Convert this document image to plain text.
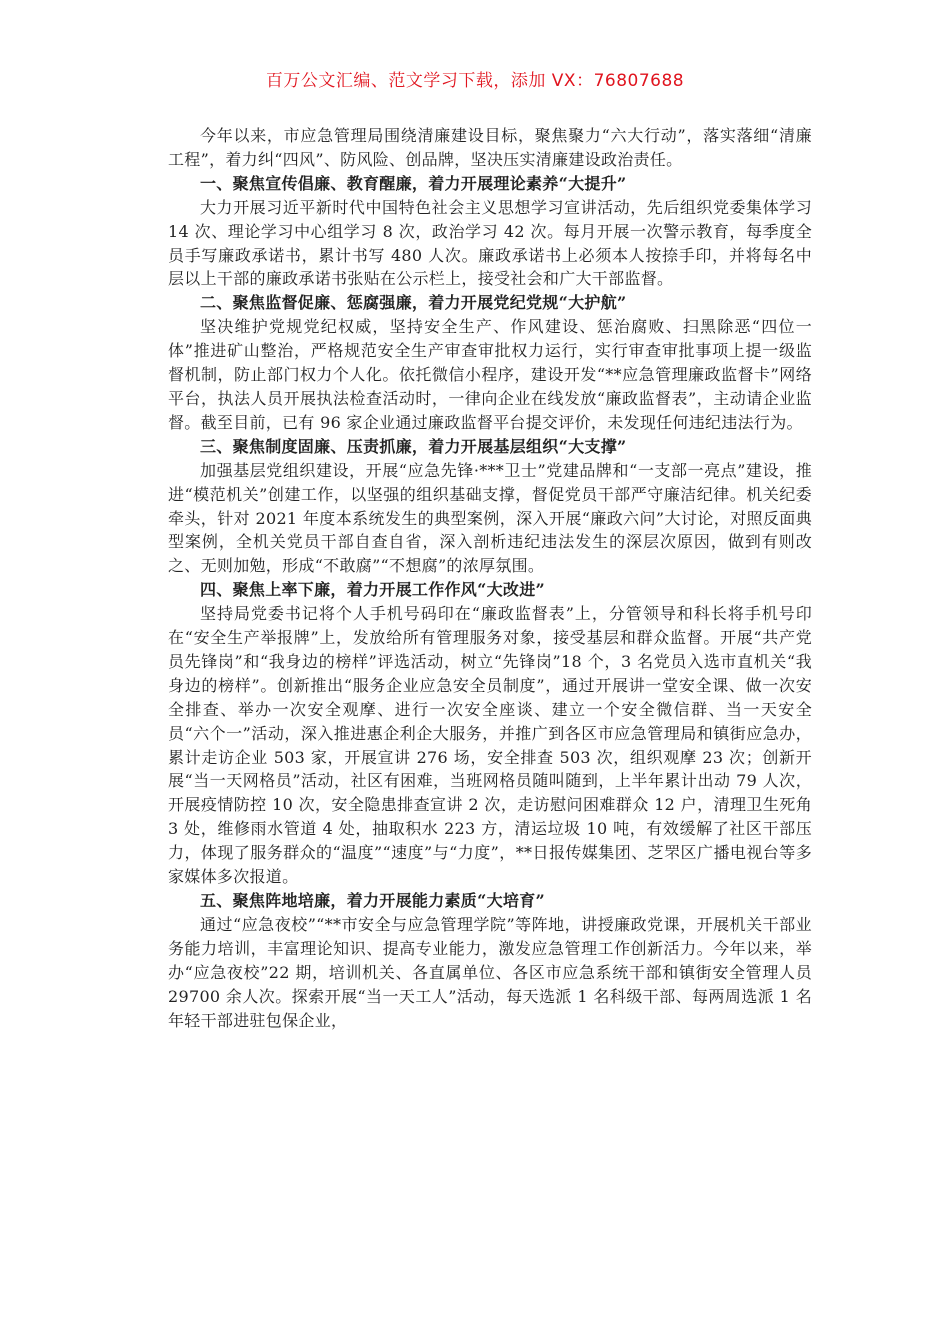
百万公文汇编、范文学习下载，添加 VX：76807688

今年以来，市应急管理局围绕清廉建设目标，聚焦聚力“六大行动”，落实落细“清廉工程”，着力纠“四风”、防风险、创品牌，坚决压实清廉建设政治责任。

一、聚焦宣传倡廉、教育醒廉，着力开展理论素养“大提升”

大力开展习近平新时代中国特色社会主义思想学习宣讲活动，先后组织党委集体学习 14 次、理论学习中心组学习 8 次，政治学习 42 次。每月开展一次警示教育，每季度全员手写廉政承诺书，累计书写 480 人次。廉政承诺书上必须本人按捺手印，并将每名中层以上干部的廉政承诺书张贴在公示栏上，接受社会和广大干部监督。

二、聚焦监督促廉、惩腐强廉，着力开展党纪党规“大护航”

坚决维护党规党纪权威，坚持安全生产、作风建设、惩治腐败、扫黑除恶“四位一体”推进矿山整治，严格规范安全生产审查审批权力运行，实行审查审批事项上提一级监督机制，防止部门权力个人化。依托微信小程序，建设开发“**应急管理廉政监督卡”网络平台，执法人员开展执法检查活动时，一律向企业在线发放“廉政监督表”，主动请企业监督。截至目前，已有 96 家企业通过廉政监督平台提交评价，未发现任何违纪违法行为。

三、聚焦制度固廉、压责抓廉，着力开展基层组织“大支撑”

加强基层党组织建设，开展“应急先锋·***卫士”党建品牌和“一支部一亮点”建设，推进“模范机关”创建工作，以坚强的组织基础支撑，督促党员干部严守廉洁纪律。机关纪委牵头，针对 2021 年度本系统发生的典型案例，深入开展“廉政六问”大讨论，对照反面典型案例，全机关党员干部自查自省，深入剖析违纪违法发生的深层次原因，做到有则改之、无则加勉，形成“不敢腐”“不想腐”的浓厚氛围。

四、聚焦上率下廉，着力开展工作作风“大改进”

坚持局党委书记将个人手机号码印在“廉政监督表”上，分管领导和科长将手机号印在“安全生产举报牌”上，发放给所有管理服务对象，接受基层和群众监督。开展“共产党员先锋岗”和“我身边的榜样”评选活动，树立“先锋岗”18 个，3 名党员入选市直机关“我身边的榜样”。创新推出“服务企业应急安全员制度”，通过开展讲一堂安全课、做一次安全排查、举办一次安全观摩、进行一次安全座谈、建立一个安全微信群、当一天安全员“六个一”活动，深入推进惠企利企大服务，并推广到各区市应急管理局和镇街应急办，累计走访企业 503 家，开展宣讲 276 场，安全排查 503 次，组织观摩 23 次；创新开展“当一天网格员”活动，社区有困难，当班网格员随叫随到，上半年累计出动 79 人次，开展疫情防控 10 次，安全隐患排查宣讲 2 次，走访慰问困难群众 12 户，清理卫生死角 3 处，维修雨水管道 4 处，抽取积水 223 方，清运垃圾 10 吨，有效缓解了社区干部压力，体现了服务群众的“温度”“速度”与“力度”，**日报传媒集团、芝罘区广播电视台等多家媒体多次报道。

五、聚焦阵地培廉，着力开展能力素质“大培育”

通过“应急夜校”“**市安全与应急管理学院”等阵地，讲授廉政党课，开展机关干部业务能力培训，丰富理论知识、提高专业能力，激发应急管理工作创新活力。今年以来，举办“应急夜校”22 期，培训机关、各直属单位、各区市应急系统干部和镇街安全管理人员 29700 余人次。探索开展“当一天工人”活动，每天选派 1 名科级干部、每两周选派 1 名年轻干部进驻包保企业，
